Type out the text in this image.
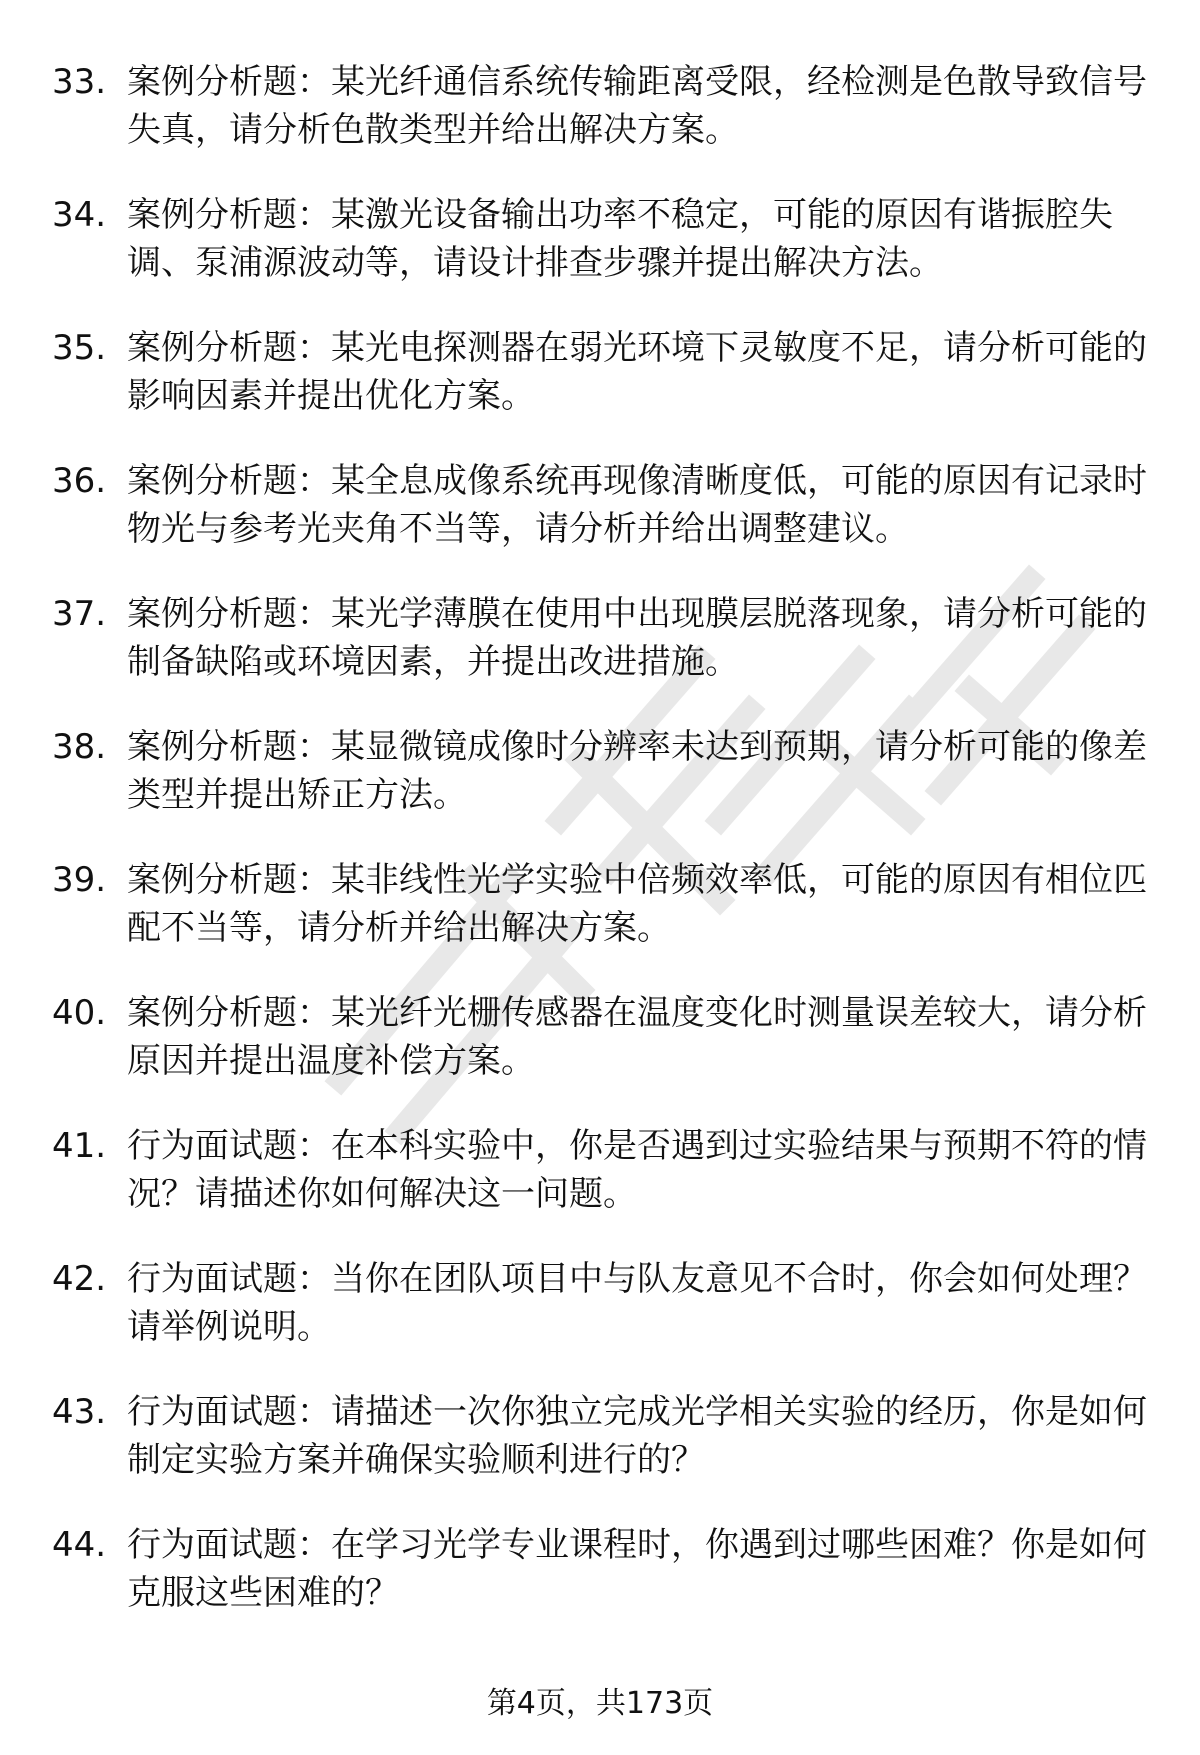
33. 案例分析题：某光纤通信系统传输距离受限，经检测是色散导致信号失真，请分析色散类型并给出解决方案。
34. 案例分析题：某激光设备输出功率不稳定，可能的原因有谐振腔失调、泵浦源波动等，请设计排查步骤并提出解决方法。
35. 案例分析题：某光电探测器在弱光环境下灵敏度不足，请分析可能的影响因素并提出优化方案。
36. 案例分析题：某全息成像系统再现像清晰度低，可能的原因有记录时物光与参考光夹角不当等，请分析并给出调整建议。
37. 案例分析题：某光学薄膜在使用中出现膜层脱落现象，请分析可能的制备缺陷或环境因素，并提出改进措施。
38. 案例分析题：某显微镜成像时分辨率未达到预期，请分析可能的像差类型并提出矫正方法。
39. 案例分析题：某非线性光学实验中倍频效率低，可能的原因有相位匹配不当等，请分析并给出解决方案。
40. 案例分析题：某光纤光栅传感器在温度变化时测量误差较大，请分析原因并提出温度补偿方案。
41. 行为面试题：在本科实验中，你是否遇到过实验结果与预期不符的情况？请描述你如何解决这一问题。
42. 行为面试题：当你在团队项目中与队友意见不合时，你会如何处理？请举例说明。
43. 行为面试题：请描述一次你独立完成光学相关实验的经历，你是如何制定实验方案并确保实验顺利进行的？
44. 行为面试题：在学习光学专业课程时，你遇到过哪些困难？你是如何克服这些困难的？
第4页，共173页
